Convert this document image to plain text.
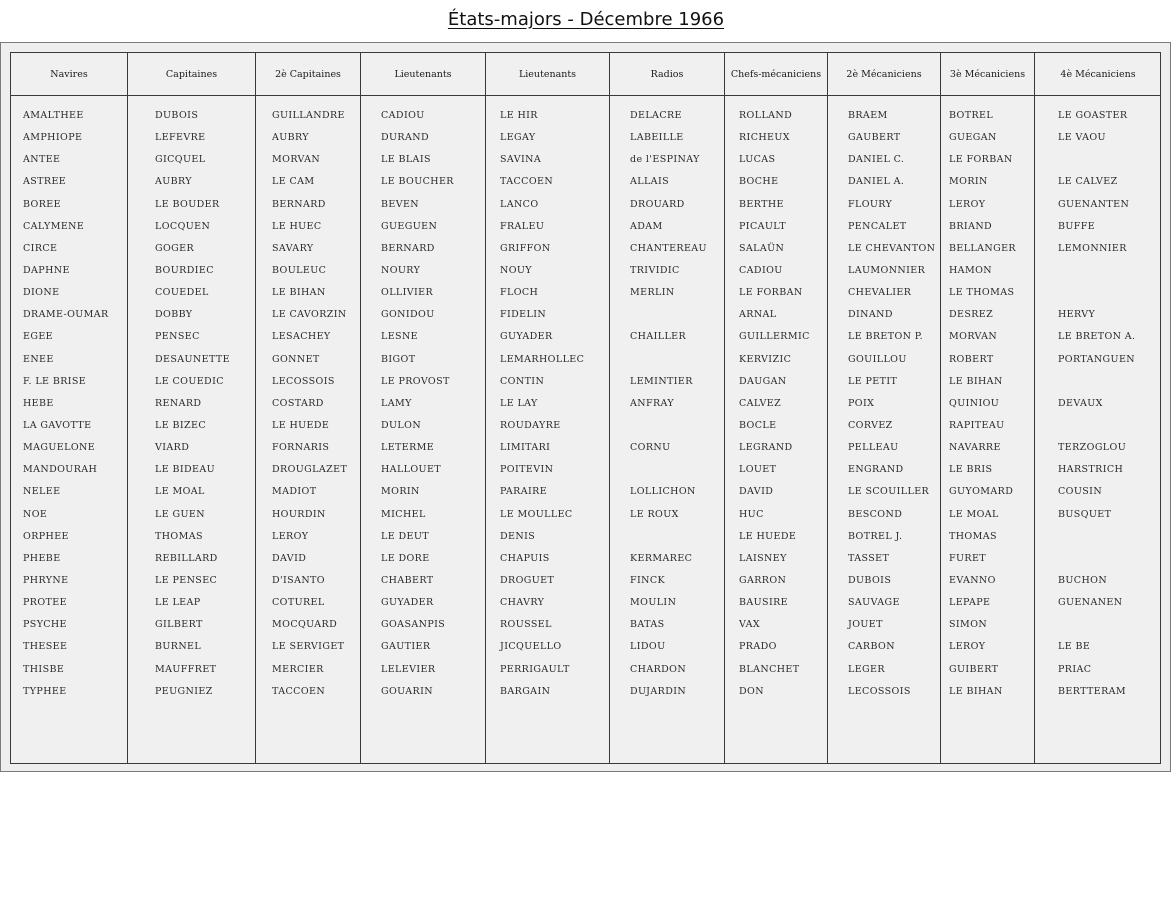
États-majors - Décembre 1966
Navires
AMALTHEE
AMPHIOPE
ANTEE
ASTREE
BOREE
CALYMENE
CIRCE
DAPHNE
DIONE
DRAME-OUMAR
EGEE
ENEE
F. LE BRISE
HEBE
LA GAVOTTE
MAGUELONE
MANDOURAH
NELEE
NOE
ORPHEE
PHEBE
PHRYNE
PROTEE
PSYCHE
THESEE
THISBE
TYPHEE
Capitaines
DUBOIS
LEFEVRE
GICQUEL
AUBRY
LE BOUDER
LOCQUEN
GOGER
BOURDIEC
COUEDEL
DOBBY
PENSEC
DESAUNETTE
LE COUEDIC
RENARD
LE BIZEC
VIARD
LE BIDEAU
LE MOAL
LE GUEN
THOMAS
REBILLARD
LE PENSEC
LE LEAP
GILBERT
BURNEL
MAUFFRET
PEUGNIEZ
2è Capitaines
GUILLANDRE
AUBRY
MORVAN
LE CAM
BERNARD
LE HUEC
SAVARY
BOULEUC
LE BIHAN
LE CAVORZIN
LESACHEY
GONNET
LECOSSOIS
COSTARD
LE HUEDE
FORNARIS
DROUGLAZET
MADIOT
HOURDIN
LEROY
DAVID
D'ISANTO
COTUREL
MOCQUARD
LE SERVIGET
MERCIER
TACCOEN
Lieutenants
CADIOU
DURAND
LE BLAIS
LE BOUCHER
BEVEN
GUEGUEN
BERNARD
NOURY
OLLIVIER
GONIDOU
LESNE
BIGOT
LE PROVOST
LAMY
DULON
LETERME
HALLOUET
MORIN
MICHEL
LE DEUT
LE DORE
CHABERT
GUYADER
GOASANPIS
GAUTIER
LELEVIER
GOUARIN
Lieutenants
LE HIR
LEGAY
SAVINA
TACCOEN
LANCO
FRALEU
GRIFFON
NOUY
FLOCH
FIDELIN
GUYADER
LEMARHOLLEC
CONTIN
LE LAY
ROUDAYRE
LIMITARI
POITEVIN
PARAIRE
LE MOULLEC
DENIS
CHAPUIS
DROGUET
CHAVRY
ROUSSEL
JICQUELLO
PERRIGAULT
BARGAIN
Radios
DELACRE
LABEILLE
de l'ESPINAY
ALLAIS
DROUARD
ADAM
CHANTEREAU
TRIVIDIC
MERLIN
CHAILLER
LEMINTIER
ANFRAY
CORNU
LOLLICHON
LE ROUX
KERMAREC
FINCK
MOULIN
BATAS
LIDOU
CHARDON
DUJARDIN
Chefs-mécaniciens
ROLLAND
RICHEUX
LUCAS
BOCHE
BERTHE
PICAULT
SALAÜN
CADIOU
LE FORBAN
ARNAL
GUILLERMIC
KERVIZIC
DAUGAN
CALVEZ
BOCLE
LEGRAND
LOUET
DAVID
HUC
LE HUEDE
LAISNEY
GARRON
BAUSIRE
VAX
PRADO
BLANCHET
DON
2è Mécaniciens
BRAEM
GAUBERT
DANIEL C.
DANIEL A.
FLOURY
PENCALET
LE CHEVANTON
LAUMONNIER
CHEVALIER
DINAND
LE BRETON P.
GOUILLOU
LE PETIT
POIX
CORVEZ
PELLEAU
ENGRAND
LE SCOUILLER
BESCOND
BOTREL J.
TASSET
DUBOIS
SAUVAGE
JOUET
CARBON
LEGER
LECOSSOIS
3è Mécaniciens
BOTREL
GUEGAN
LE FORBAN
MORIN
LEROY
BRIAND
BELLANGER
HAMON
LE THOMAS
DESREZ
MORVAN
ROBERT
LE BIHAN
QUINIOU
RAPITEAU
NAVARRE
LE BRIS
GUYOMARD
LE MOAL
THOMAS
FURET
EVANNO
LEPAPE
SIMON
LEROY
GUIBERT
LE BIHAN
4è Mécaniciens
LE GOASTER
LE VAOU
LE CALVEZ
GUENANTEN
BUFFE
LEMONNIER
HERVY
LE BRETON A.
PORTANGUEN
DEVAUX
TERZOGLOU
HARSTRICH
COUSIN
BUSQUET
BUCHON
GUENANEN
LE BE
PRIAC
BERTTERAM
